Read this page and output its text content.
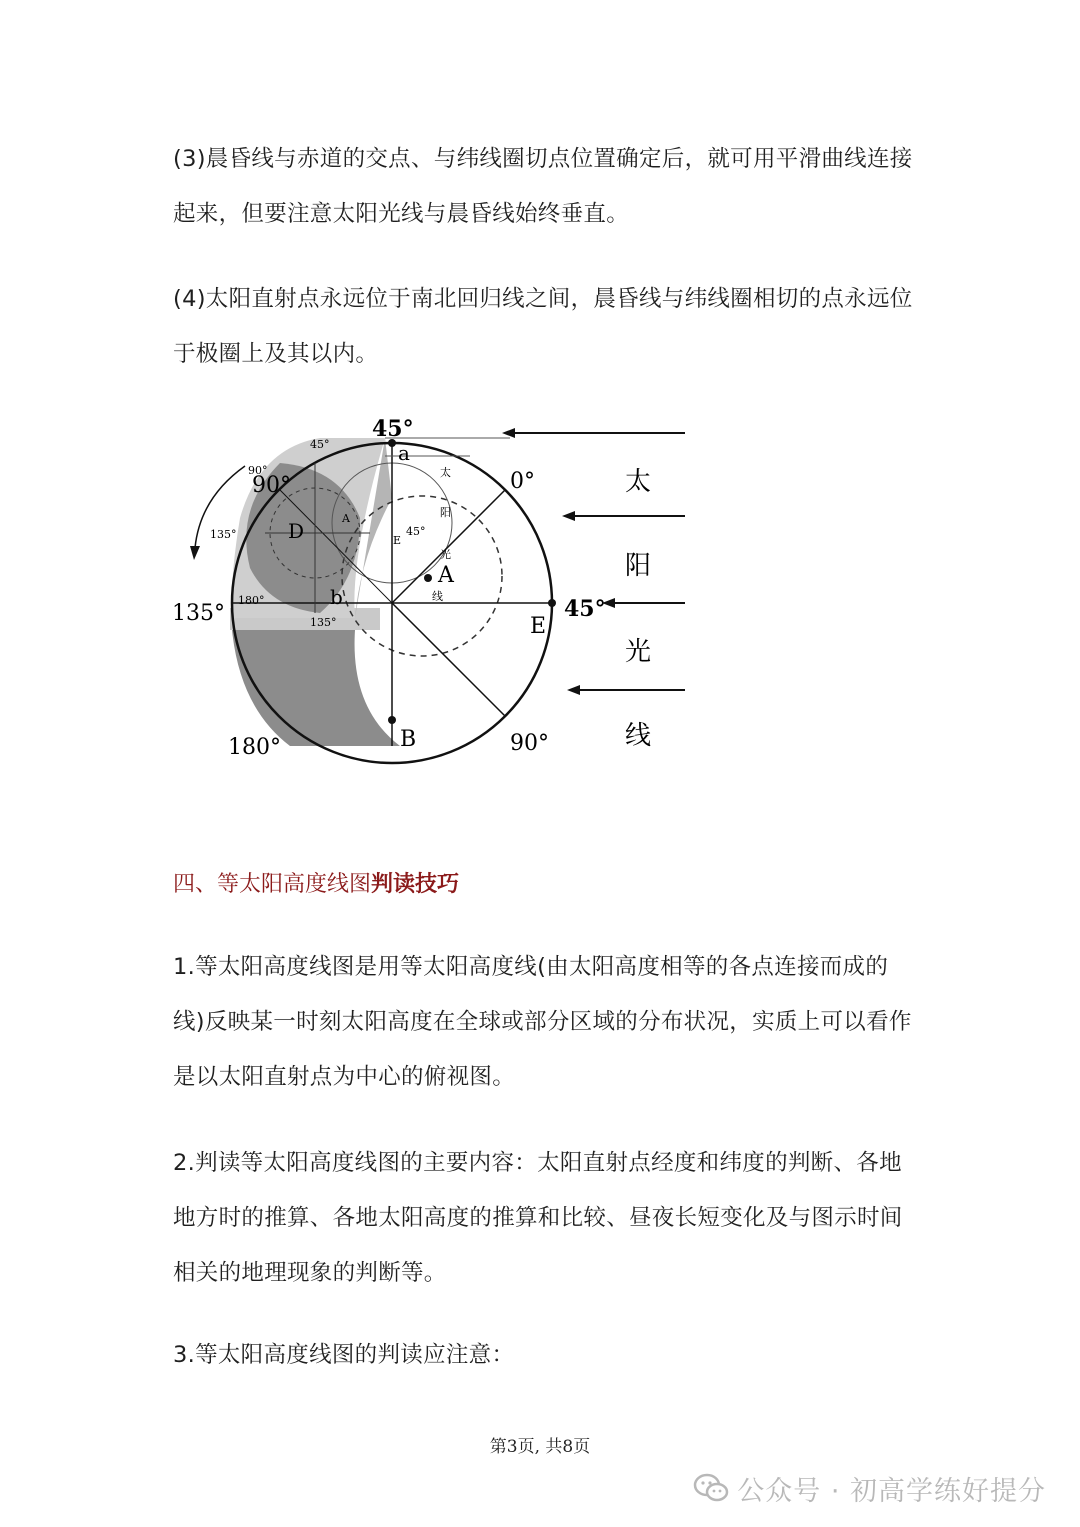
(3)晨昏线与赤道的交点、与纬线圈切点位置确定后，就可用平滑曲线连接起来，但要注意太阳光线与晨昏线始终垂直。

(4)太阳直射点永远位于南北回归线之间，晨昏线与纬线圈相切的点永远位于极圈上及其以内。

45°
45°
90°
90°
135°
135°
180°
135°
180°
0°
45°
90°
45°
a
D
b
A
A
E
E
B
太
阳
光
线
太
阳
光
线
四、等太阳高度线图判读技巧

1.等太阳高度线图是用等太阳高度线(由太阳高度相等的各点连接而成的线)反映某一时刻太阳高度在全球或部分区域的分布状况，实质上可以看作是以太阳直射点为中心的俯视图。

2.判读等太阳高度线图的主要内容：太阳直射点经度和纬度的判断、各地地方时的推算、各地太阳高度的推算和比较、昼夜长短变化及与图示时间相关的地理现象的判断等。

3.等太阳高度线图的判读应注意：

第3页, 共8页
公众号 · 初高学练好提分
